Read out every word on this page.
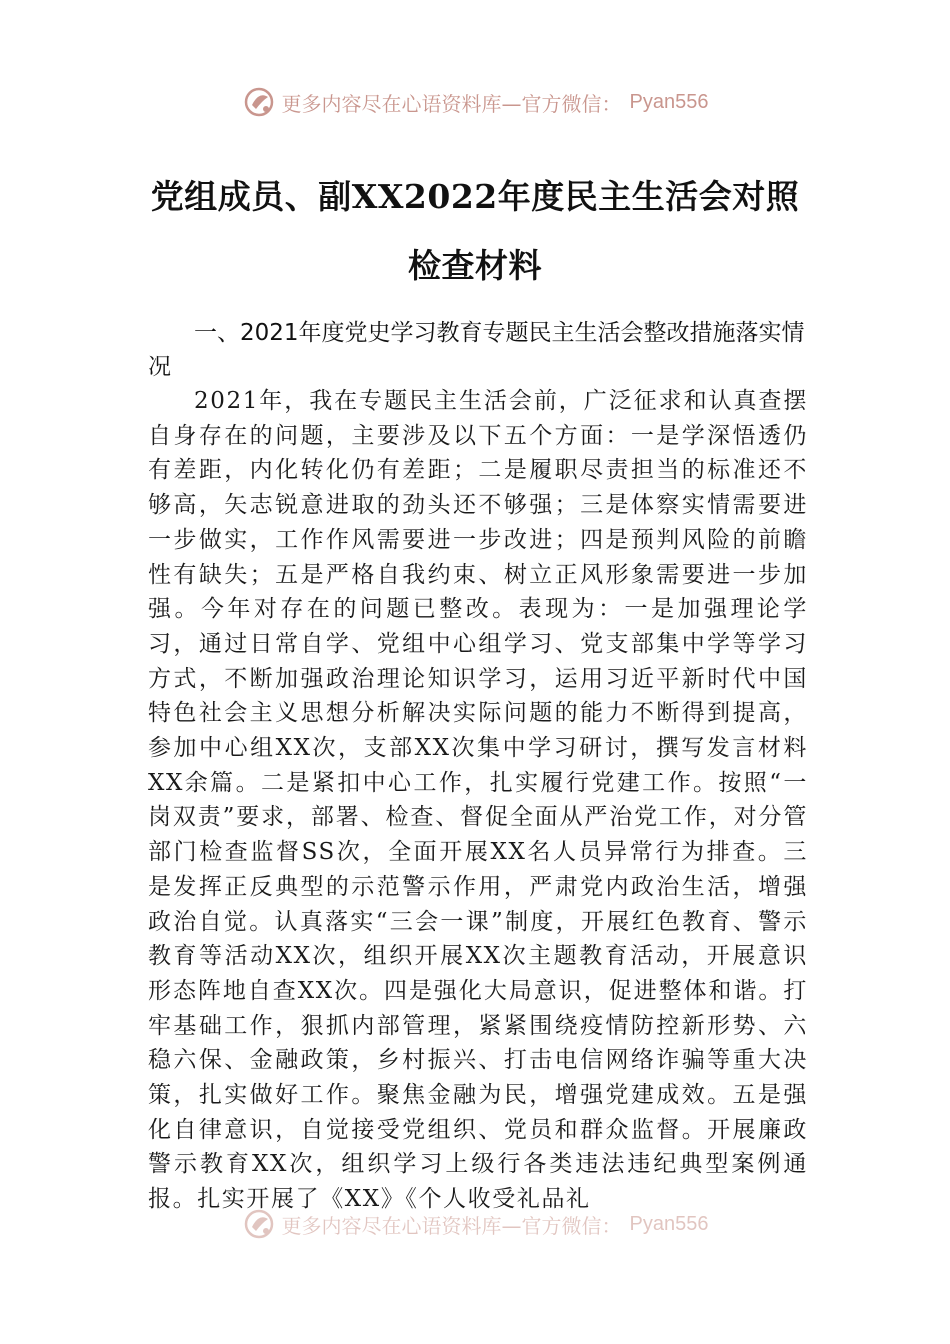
更多内容尽在心语资料库—官方微信： Pyan556
党组成员、副XX2022年度民主生活会对照
检查材料
一、2021年度党史学习教育专题民主生活会整改措施落实情况
2021年，我在专题民主生活会前，广泛征求和认真查摆自身存在的问题，主要涉及以下五个方面：一是学深悟透仍有差距，内化转化仍有差距；二是履职尽责担当的标准还不够高，矢志锐意进取的劲头还不够强；三是体察实情需要进一步做实，工作作风需要进一步改进；四是预判风险的前瞻性有缺失；五是严格自我约束、树立正风形象需要进一步加强。今年对存在的问题已整改。表现为：一是加强理论学习，通过日常自学、党组中心组学习、党支部集中学等学习方式，不断加强政治理论知识学习，运用习近平新时代中国特色社会主义思想分析解决实际问题的能力不断得到提高，参加中心组XX次，支部XX次集中学习研讨，撰写发言材料XX余篇。二是紧扣中心工作，扎实履行党建工作。按照“一岗双责”要求，部署、检查、督促全面从严治党工作，对分管部门检查监督SS次，全面开展XX名人员异常行为排查。三是发挥正反典型的示范警示作用，严肃党内政治生活，增强政治自觉。认真落实“三会一课”制度，开展红色教育、警示教育等活动XX次，组织开展XX次主题教育活动，开展意识形态阵地自查XX次。四是强化大局意识，促进整体和谐。打牢基础工作，狠抓内部管理，紧紧围绕疫情防控新形势、六稳六保、金融政策，乡村振兴、打击电信网络诈骗等重大决策，扎实做好工作。聚焦金融为民，增强党建成效。五是强化自律意识，自觉接受党组织、党员和群众监督。开展廉政警示教育XX次，组织学习上级行各类违法违纪典型案例通报。扎实开展了《XX》《个人收受礼品礼
更多内容尽在心语资料库—官方微信： Pyan556
